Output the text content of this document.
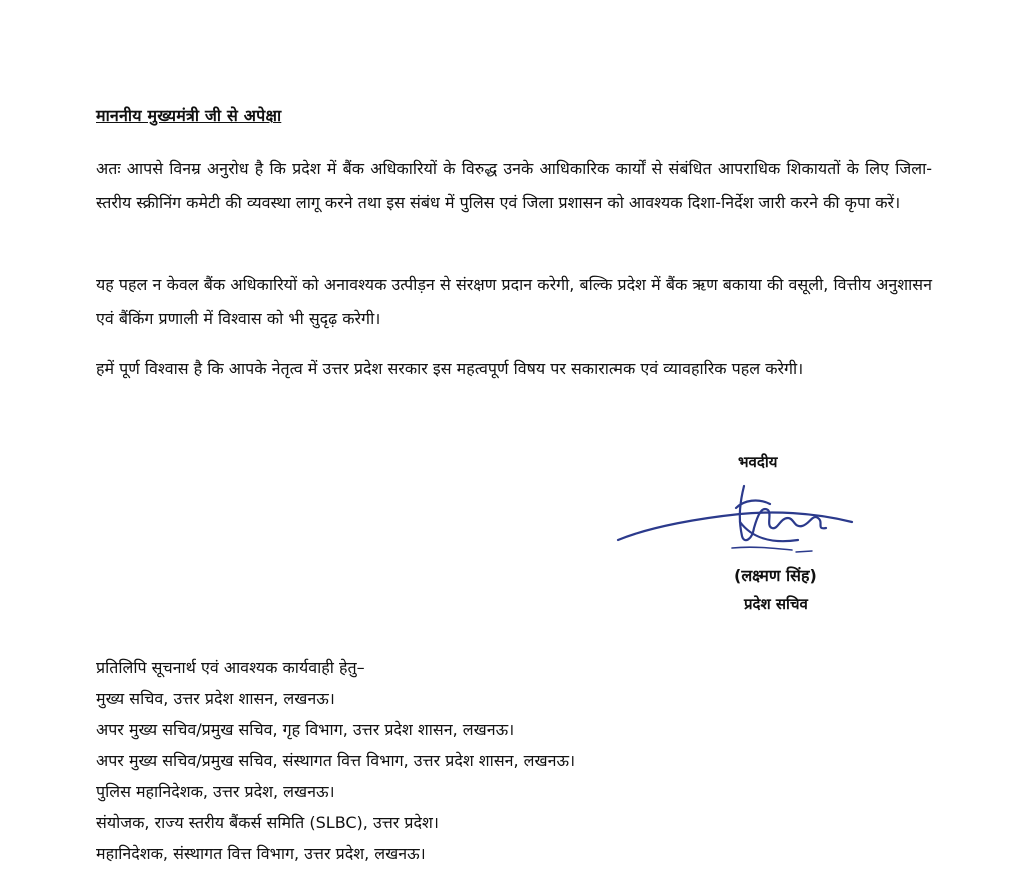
माननीय मुख्यमंत्री जी से अपेक्षा
अतः आपसे विनम्र अनुरोध है कि प्रदेश में बैंक अधिकारियों के विरुद्ध उनके आधिकारिक कार्यों से संबंधित आपराधिक शिकायतों के लिए जिला- स्तरीय स्क्रीनिंग कमेटी की व्यवस्था लागू करने तथा इस संबंध में पुलिस एवं जिला प्रशासन को आवश्यक दिशा-निर्देश जारी करने की कृपा करें।
यह पहल न केवल बैंक अधिकारियों को अनावश्यक उत्पीड़न से संरक्षण प्रदान करेगी, बल्कि प्रदेश में बैंक ऋण बकाया की वसूली, वित्तीय अनुशासन एवं बैंकिंग प्रणाली में विश्वास को भी सुदृढ़ करेगी।
हमें पूर्ण विश्वास है कि आपके नेतृत्व में उत्तर प्रदेश सरकार इस महत्वपूर्ण विषय पर सकारात्मक एवं व्यावहारिक पहल करेगी।
भवदीय
(लक्ष्मण सिंह)
प्रदेश सचिव
प्रतिलिपि सूचनार्थ एवं आवश्यक कार्यवाही हेतु–
मुख्य सचिव, उत्तर प्रदेश शासन, लखनऊ।
अपर मुख्य सचिव/प्रमुख सचिव, गृह विभाग, उत्तर प्रदेश शासन, लखनऊ।
अपर मुख्य सचिव/प्रमुख सचिव, संस्थागत वित्त विभाग, उत्तर प्रदेश शासन, लखनऊ।
पुलिस महानिदेशक, उत्तर प्रदेश, लखनऊ।
संयोजक, राज्य स्तरीय बैंकर्स समिति (SLBC), उत्तर प्रदेश।
महानिदेशक, संस्थागत वित्त विभाग, उत्तर प्रदेश, लखनऊ।
